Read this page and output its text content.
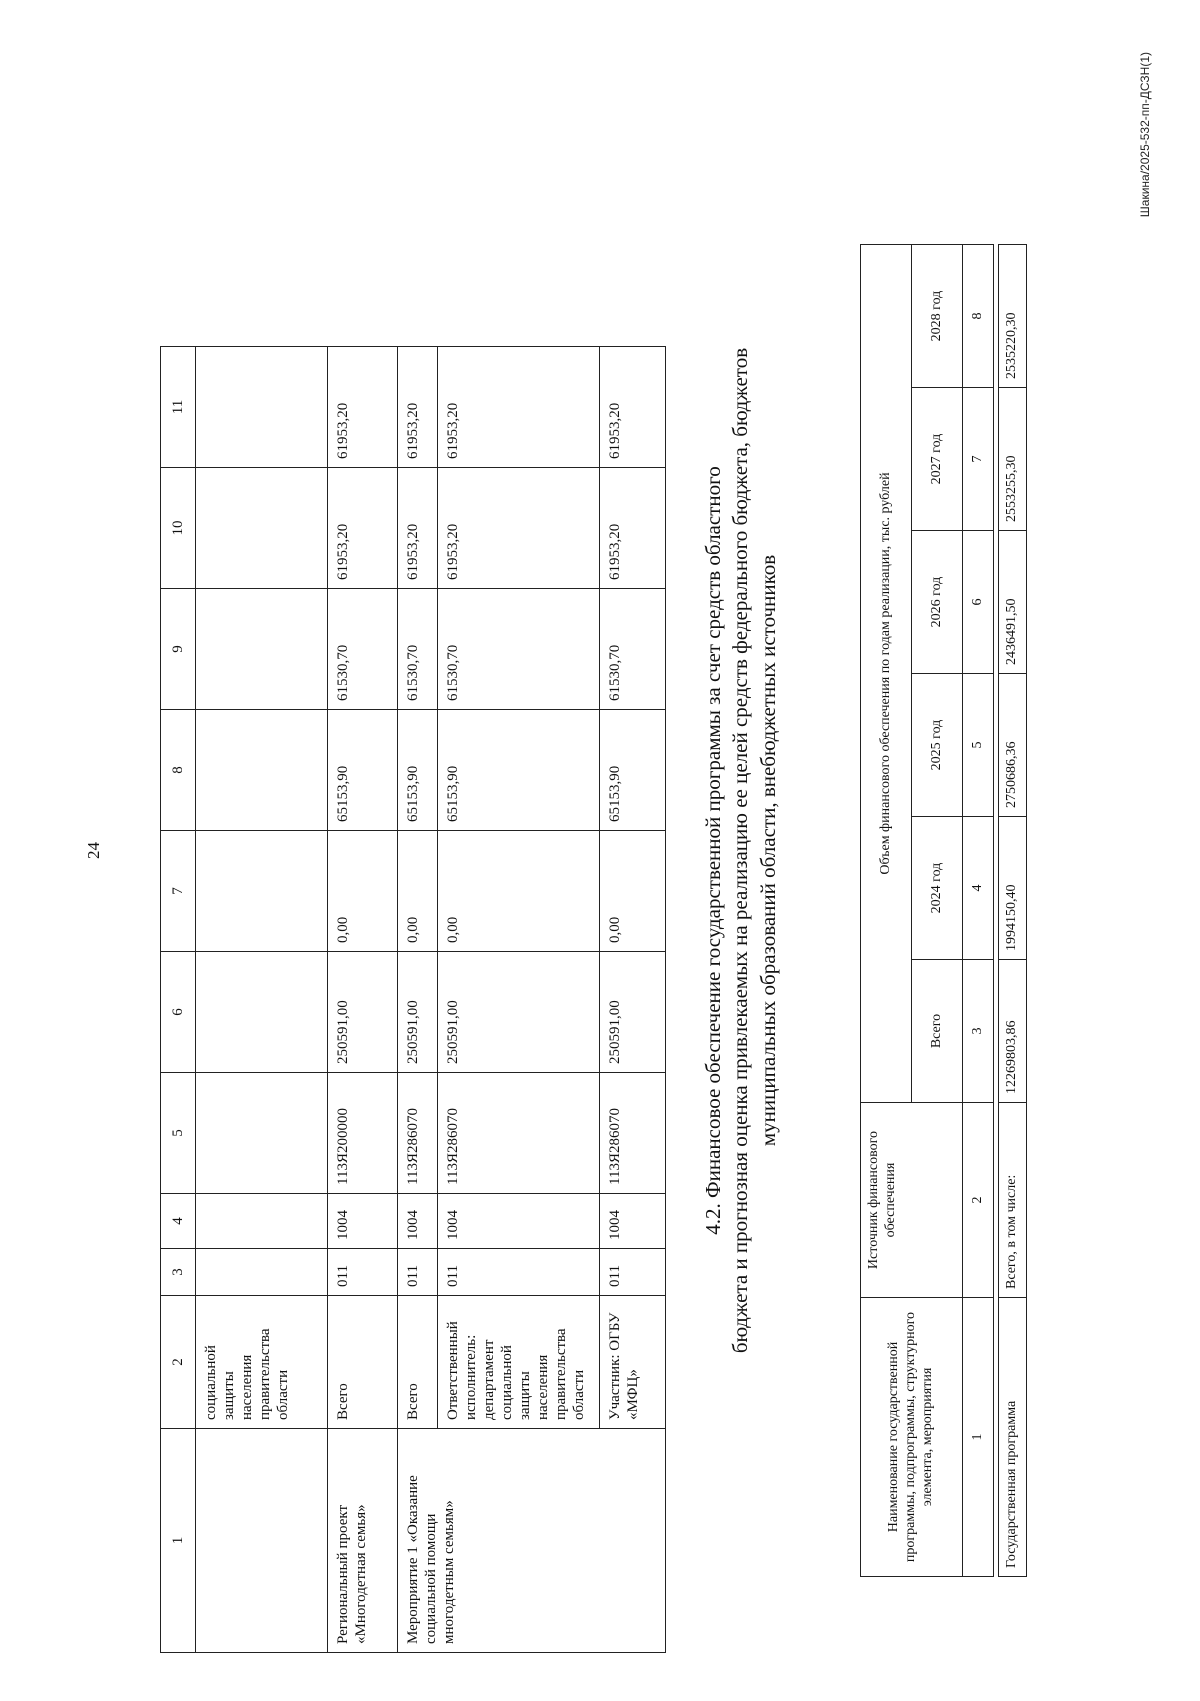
24
1	2	3	4	5	6	7	8	9	10	11
	социальной защиты населения правительства области									
Региональный проект «Многодетная семья»	Всего	011	1004	113Я200000	250591,00	0,00	65153,90	61530,70	61953,20	61953,20
Мероприятие 1 «Оказание социальной помощи многодетным семьям»	Всего	011	1004	113Я286070	250591,00	0,00	65153,90	61530,70	61953,20	61953,20
	Ответственный исполнитель: департамент социальной защиты населения правительства области	011	1004	113Я286070	250591,00	0,00	65153,90	61530,70	61953,20	61953,20
	Участник: ОГБУ «МФЦ»	011	1004	113Я286070	250591,00	0,00	65153,90	61530,70	61953,20	61953,20
4.2. Финансовое обеспечение государственной программы за счет средств областного бюджета и прогнозная оценка привлекаемых на реализацию ее целей средств федерального бюджета, бюджетов муниципальных образований области, внебюджетных источников
Наименование государственной программы, подпрограммы, структурного элемента, мероприятия	Источник финансового обеспечения	Объем финансового обеспечения по годам реализации, тыс. рублей					
		Всего	2024 год	2025 год	2026 год	2027 год	2028 год
1	2	3	4	5	6	7	8

Государственная программа	Всего, в том числе:	12269803,86	1994150,40	2750686,36	2436491,50	2553255,30	2535220,30
Шакина/2025-532-пп-ДСЗН(1)
